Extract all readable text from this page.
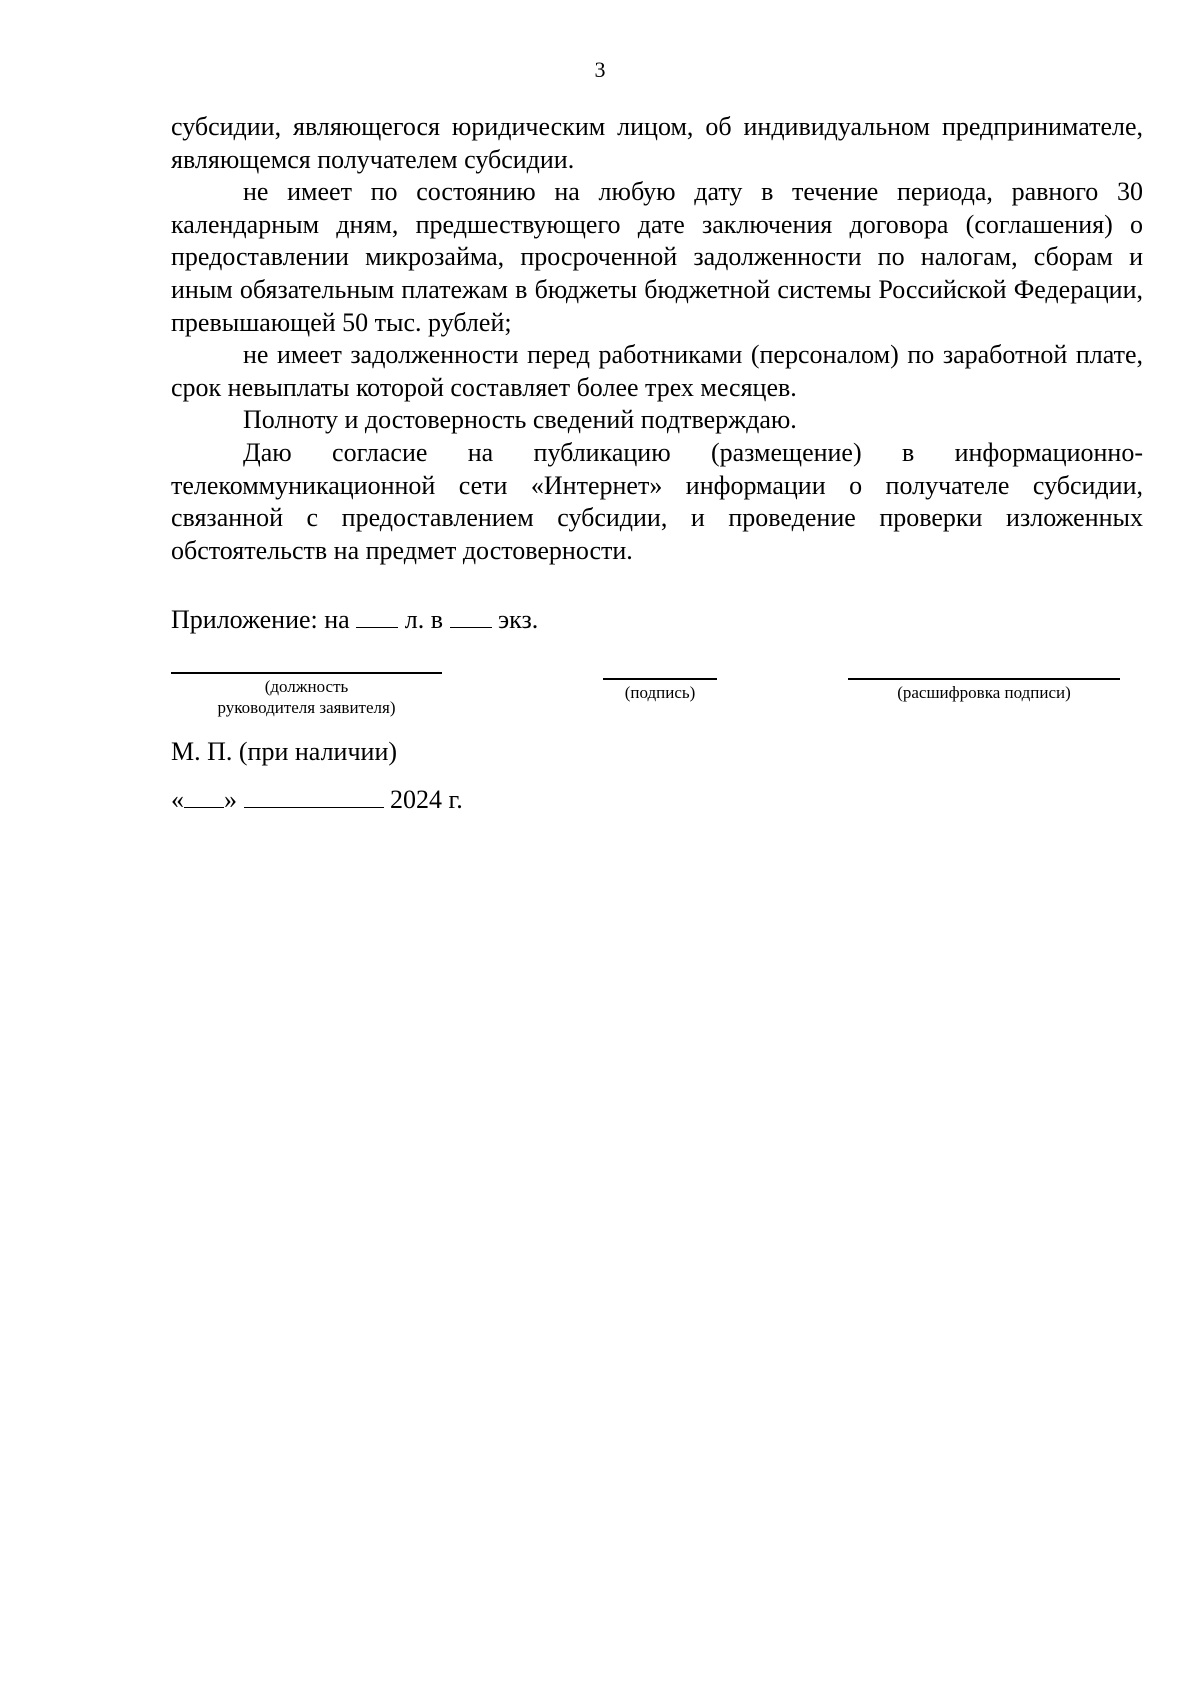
3

субсидии, являющегося юридическим лицом, об индивидуальном предпринимателе, являющемся получателем субсидии.

не имеет по состоянию на любую дату в течение периода, равного 30 календарным дням, предшествующего дате заключения договора (соглашения) о предоставлении микрозайма, просроченной задолженности по налогам, сборам и иным обязательным платежам в бюджеты бюджетной системы Российской Федерации, превышающей 50 тыс. рублей;

не имеет задолженности перед работниками (персоналом) по заработной плате, срок невыплаты которой составляет более трех месяцев.

Полноту и достоверность сведений подтверждаю.

Даю согласие на публикацию (размещение) в информационно-телекоммуникационной сети «Интернет» информации о получателе субсидии, связанной с предоставлением субсидии, и проведение проверки изложенных обстоятельств на предмет достоверности.

Приложение: на л. в экз.
(должность
руководителя заявителя)
(подпись)	(расшифровка подписи)
М. П. (при наличии)
« »	2024 г.
